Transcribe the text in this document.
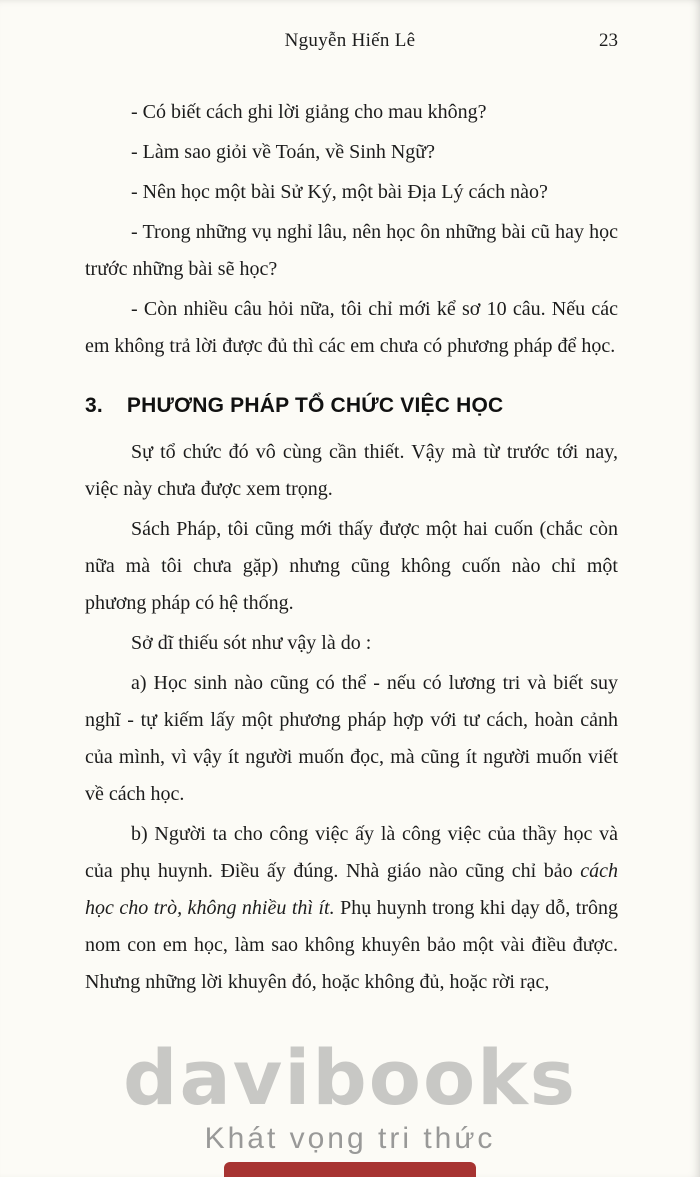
Nguyễn Hiến Lê	23

- Có biết cách ghi lời giảng cho mau không?

- Làm sao giỏi về Toán, về Sinh Ngữ?

- Nên học một bài Sử Ký, một bài Địa Lý cách nào?

- Trong những vụ nghỉ lâu, nên học ôn những bài cũ hay học trước những bài sẽ học?

- Còn nhiều câu hỏi nữa, tôi chỉ mới kể sơ 10 câu. Nếu các em không trả lời được đủ thì các em chưa có phương pháp để học.

3. PHƯƠNG PHÁP TỔ CHỨC VIỆC HỌC

Sự tổ chức đó vô cùng cần thiết. Vậy mà từ trước tới nay, việc này chưa được xem trọng.

Sách Pháp, tôi cũng mới thấy được một hai cuốn (chắc còn nữa mà tôi chưa gặp) nhưng cũng không cuốn nào chỉ một phương pháp có hệ thống.

Sở dĩ thiếu sót như vậy là do :

a) Học sinh nào cũng có thể - nếu có lương tri và biết suy nghĩ - tự kiếm lấy một phương pháp hợp với tư cách, hoàn cảnh của mình, vì vậy ít người muốn đọc, mà cũng ít người muốn viết về cách học.

b) Người ta cho công việc ấy là công việc của thầy học và của phụ huynh. Điều ấy đúng. Nhà giáo nào cũng chỉ bảo cách học cho trò, không nhiều thì ít. Phụ huynh trong khi dạy dỗ, trông nom con em học, làm sao không khuyên bảo một vài điều được. Nhưng những lời khuyên đó, hoặc không đủ, hoặc rời rạc,

davibooks
Khát vọng tri thức
